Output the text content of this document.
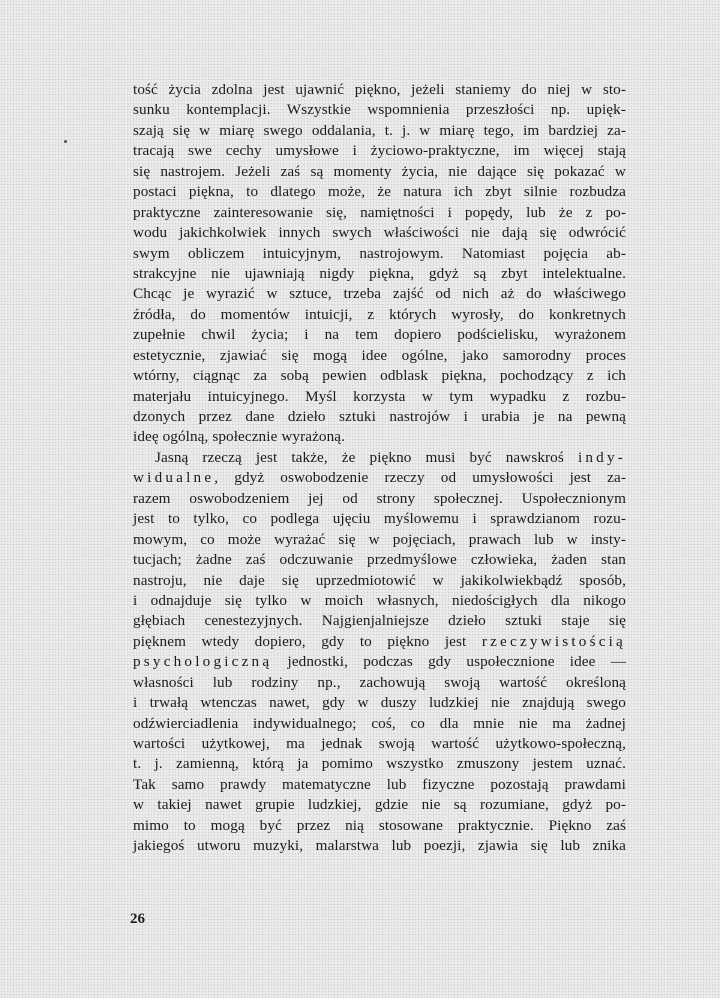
tość życia zdolna jest ujawnić piękno, jeżeli staniemy do niej w sto-
sunku kontemplacji. Wszystkie wspomnienia przeszłości np. upięk-
szają się w miarę swego oddalania, t. j. w miarę tego, im bardziej za-
tracają swe cechy umysłowe i życiowo-praktyczne, im więcej stają
się nastrojem. Jeżeli zaś są momenty życia, nie dające się pokazać w
postaci piękna, to dlatego może, że natura ich zbyt silnie rozbudza
praktyczne zainteresowanie się, namiętności i popędy, lub że z po-
wodu jakichkolwiek innych swych właściwości nie dają się odwrócić
swym obliczem intuicyjnym, nastrojowym. Natomiast pojęcia ab-
strakcyjne nie ujawniają nigdy piękna, gdyż są zbyt intelektualne.
Chcąc je wyrazić w sztuce, trzeba zajść od nich aż do właściwego
źródła, do momentów intuicji, z których wyrosły, do konkretnych
zupełnie chwil życia; i na tem dopiero podścielisku, wyrażonem
estetycznie, zjawiać się mogą idee ogólne, jako samorodny proces
wtórny, ciągnąc za sobą pewien odblask piękna, pochodzący z ich
materjału intuicyjnego. Myśl korzysta w tym wypadku z rozbu-
dzonych przez dane dzieło sztuki nastrojów i urabia je na pewną
ideę ogólną, społecznie wyrażoną.
Jasną rzeczą jest także, że piękno musi być nawskroś indy-
widualne, gdyż oswobodzenie rzeczy od umysłowości jest za-
razem oswobodzeniem jej od strony społecznej. Uspołecznionym
jest to tylko, co podlega ujęciu myślowemu i sprawdzianom rozu-
mowym, co może wyrażać się w pojęciach, prawach lub w insty-
tucjach; żadne zaś odczuwanie przedmyślowe człowieka, żaden stan
nastroju, nie daje się uprzedmiotowić w jakikolwiekbądź sposób,
i odnajduje się tylko w moich własnych, niedościgłych dla nikogo
głębiach cenestezyjnych. Najgienjalniejsze dzieło sztuki staje się
pięknem wtedy dopiero, gdy to piękno jest rzeczywistością
psychologiczną jednostki, podczas gdy uspołecznione idee —
własności lub rodziny np., zachowują swoją wartość określoną
i trwałą wtenczas nawet, gdy w duszy ludzkiej nie znajdują swego
odźwierciadlenia indywidualnego; coś, co dla mnie nie ma żadnej
wartości użytkowej, ma jednak swoją wartość użytkowo-społeczną,
t. j. zamienną, którą ja pomimo wszystko zmuszony jestem uznać.
Tak samo prawdy matematyczne lub fizyczne pozostają prawdami
w takiej nawet grupie ludzkiej, gdzie nie są rozumiane, gdyż po-
mimo to mogą być przez nią stosowane praktycznie. Piękno zaś
jakiegoś utworu muzyki, malarstwa lub poezji, zjawia się lub znika
26
